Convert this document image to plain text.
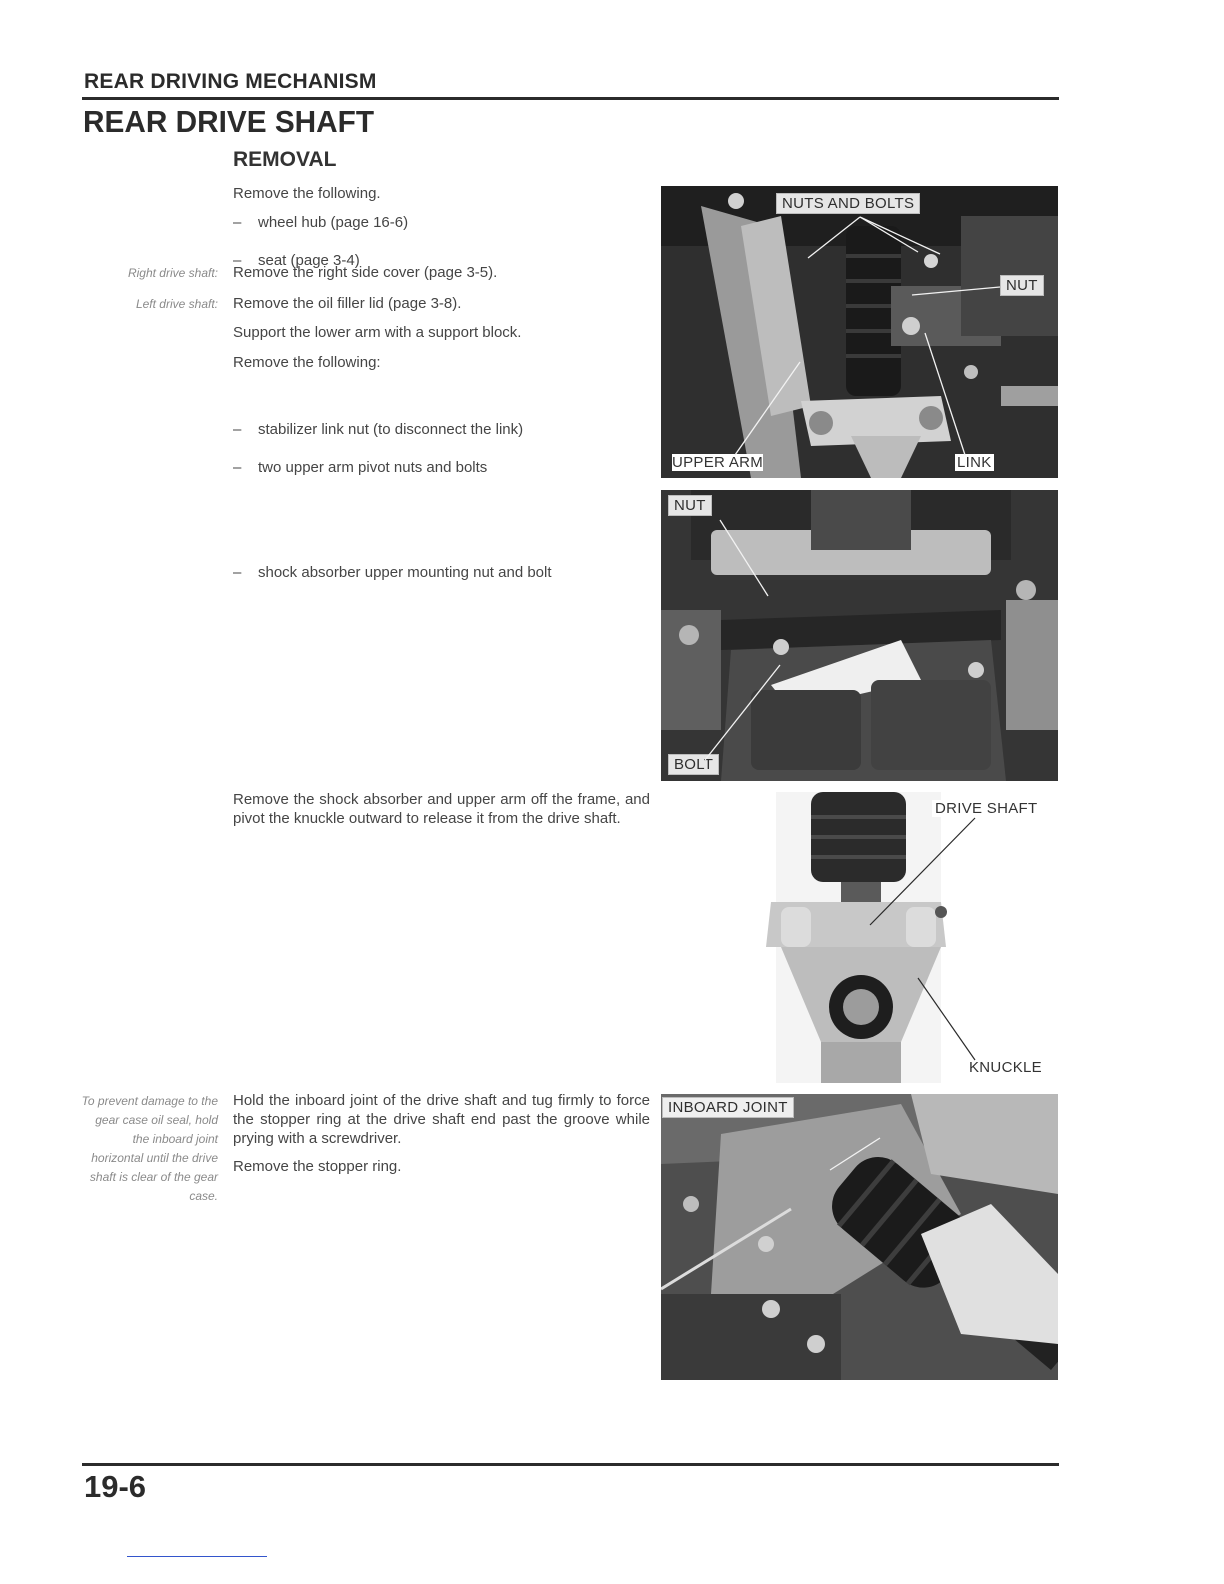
REAR DRIVING MECHANISM
REAR DRIVE SHAFT
REMOVAL
Remove the following.
– wheel hub (page 16-6)
– seat (page 3-4)
Right drive shaft: Remove the right side cover (page 3-5).
Left drive shaft: Remove the oil filler lid (page 3-8).
Support the lower arm with a support block.
Remove the following:
– stabilizer link nut (to disconnect the link)
– two upper arm pivot nuts and bolts
– shock absorber upper mounting nut and bolt
Remove the shock absorber and upper arm off the frame, and pivot the knuckle outward to release it from the drive shaft.
To prevent damage to the gear case oil seal, hold the inboard joint horizontal until the drive shaft is clear of the gear case.
Hold the inboard joint of the drive shaft and tug firmly to force the stopper ring at the drive shaft end past the groove while prying with a screwdriver.
Remove the stopper ring.
NUTS AND BOLTS
NUT
UPPER ARM	LINK
NUT
BOLT
DRIVE SHAFT
KNUCKLE
INBOARD JOINT
19-6
